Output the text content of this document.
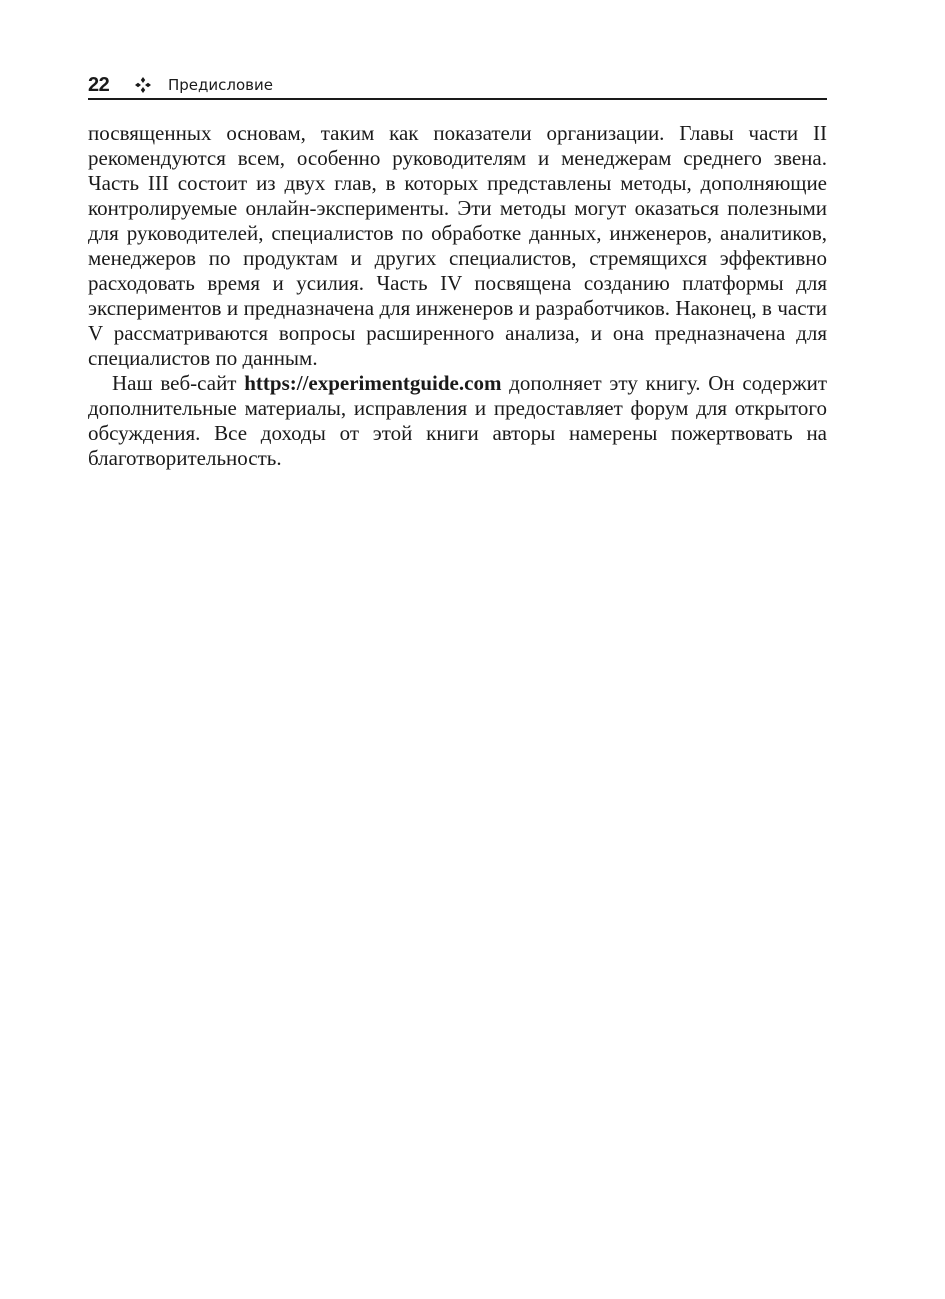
22	Предисловие

посвященных основам, таким как показатели организации. Главы части II рекомендуются всем, особенно руководителям и менеджерам среднего звена. Часть III состоит из двух глав, в которых представлены методы, дополняющие контролируемые онлайн-эксперименты. Эти методы могут оказаться полезными для руководителей, специалистов по обработке данных, инженеров, аналитиков, менеджеров по продуктам и других специалистов, стремящихся эффективно расходовать время и усилия. Часть IV посвящена созданию платформы для экспериментов и предназначена для инженеров и разработчиков. Наконец, в части V рассматриваются вопросы расширенного анализа, и она предназначена для специалистов по данным.

Наш веб-сайт https://experimentguide.com дополняет эту книгу. Он содержит дополнительные материалы, исправления и предоставляет форум для открытого обсуждения. Все доходы от этой книги авторы намерены пожертвовать на благотворительность.
